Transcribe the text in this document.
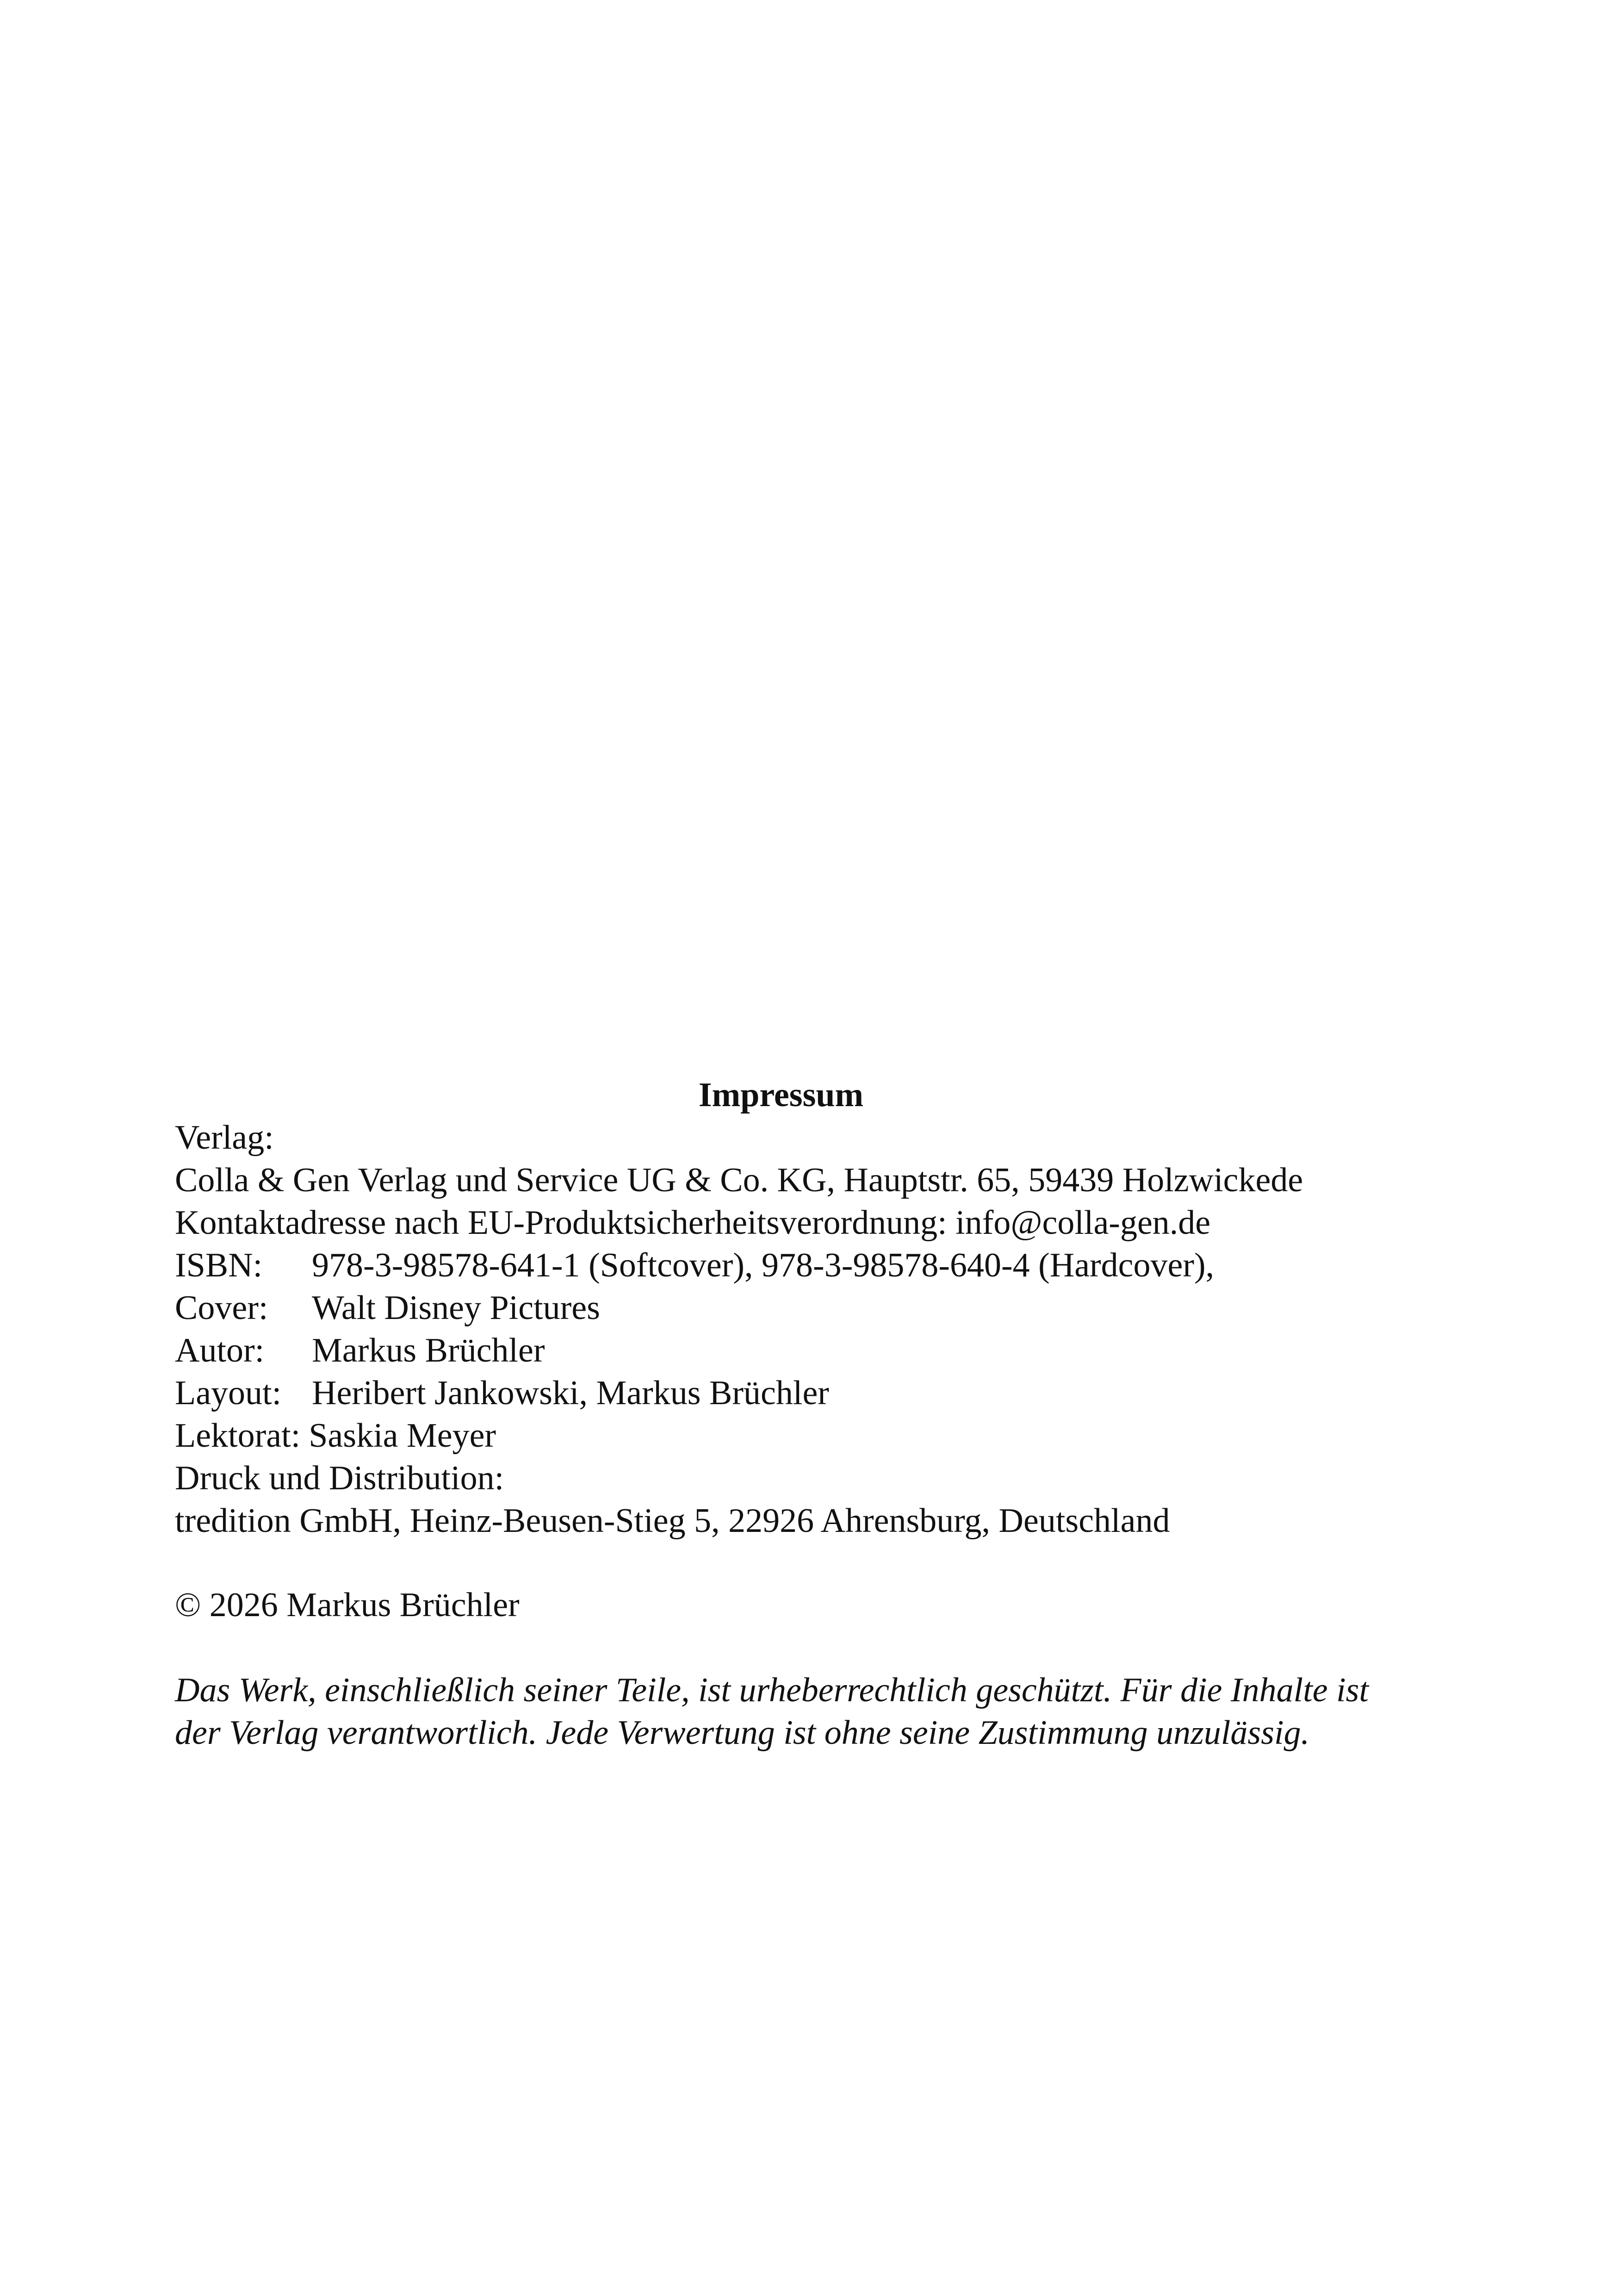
Impressum
Verlag:
Colla & Gen Verlag und Service UG & Co. KG, Hauptstr. 65, 59439 Holzwickede
Kontaktadresse nach EU-Produktsicherheitsverordnung: info@colla-gen.de
ISBN:	978-3-98578-641-1 (Softcover), 978-3-98578-640-4 (Hardcover),
Cover:	Walt Disney Pictures
Autor:	Markus Brüchler
Layout: Heribert Jankowski, Markus Brüchler
Lektorat: Saskia Meyer
Druck und Distribution:
tredition GmbH, Heinz-Beusen-Stieg 5, 22926 Ahrensburg, Deutschland
© 2026 Markus Brüchler
Das Werk, einschließlich seiner Teile, ist urheberrechtlich geschützt. Für die Inhalte ist
der Verlag verantwortlich. Jede Verwertung ist ohne seine Zustimmung unzulässig.
